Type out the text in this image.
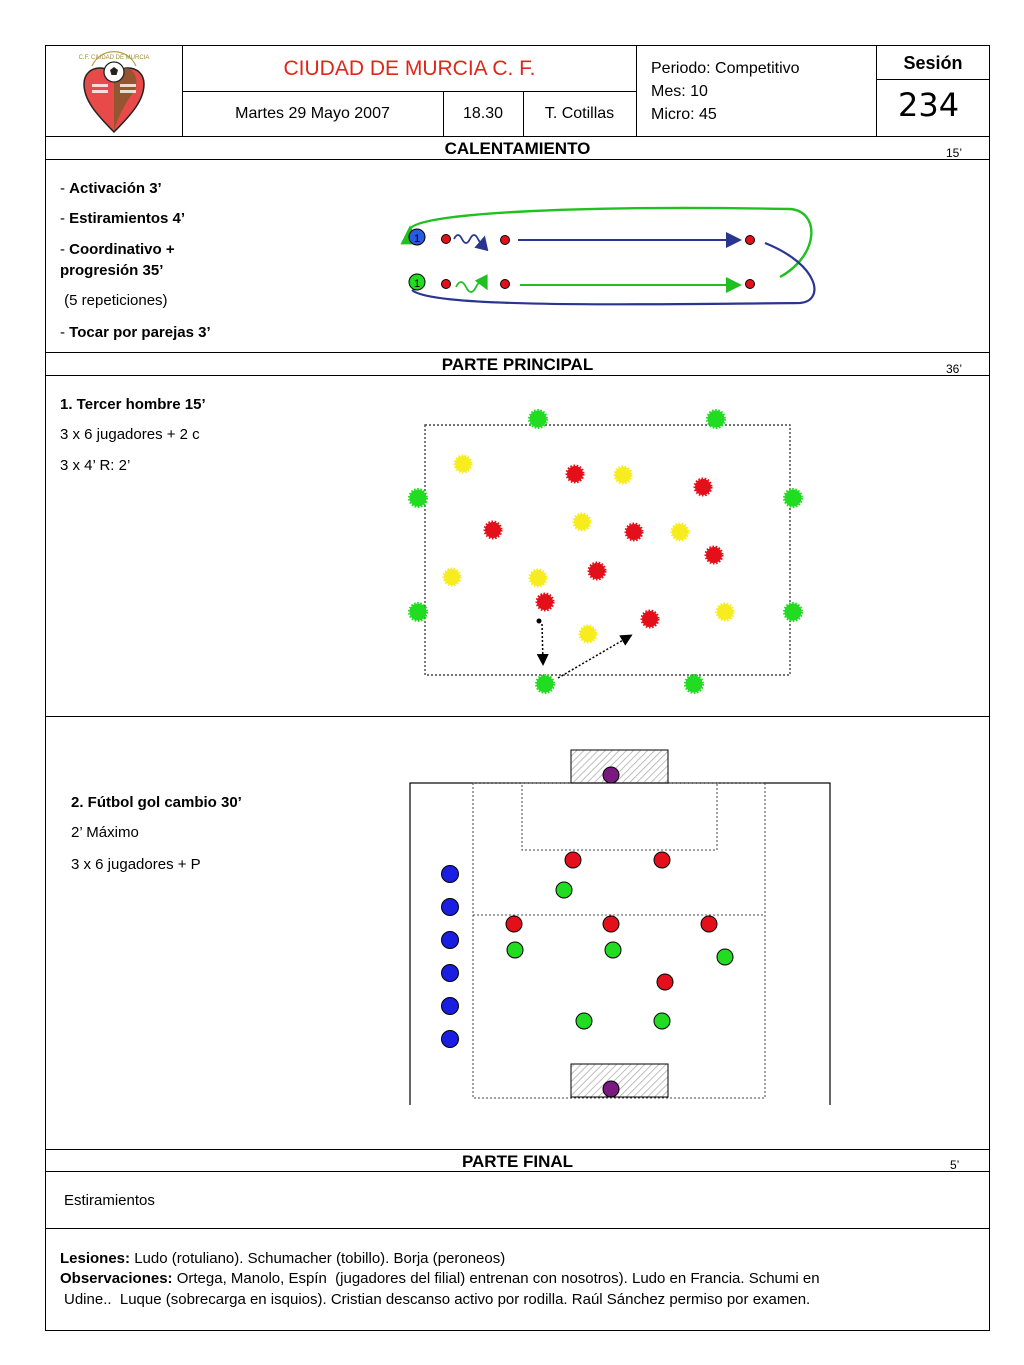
C.F. CIUDAD DE MURCIA	CIUDAD DE MURCIA C. F.
Martes 29 Mayo 2007	18.30	T. Cotillas
Periodo: Competitivo
Mes: 10
Micro: 45
Sesión
234
CALENTAMIENTO	15’
- Activación 3’
- Estiramientos 4’
- Coordinativo +
progresión 35’
(5 repeticiones)
- Tocar por parejas 3’
1
1
PARTE PRINCIPAL	36’
1. Tercer hombre 15’
3 x 6 jugadores + 2 c
3 x 4’ R: 2’
2. Fútbol gol cambio 30’
2’ Máximo
3 x 6 jugadores + P
PARTE FINAL	5’
Estiramientos
Lesiones: Ludo (rotuliano). Schumacher (tobillo). Borja (peroneos)
Observaciones: Ortega, Manolo, Espín  (jugadores del filial) entrenan con nosotros). Ludo en Francia. Schumi en
Udine..  Luque (sobrecarga en isquios). Cristian descanso activo por rodilla. Raúl Sánchez permiso por examen.
